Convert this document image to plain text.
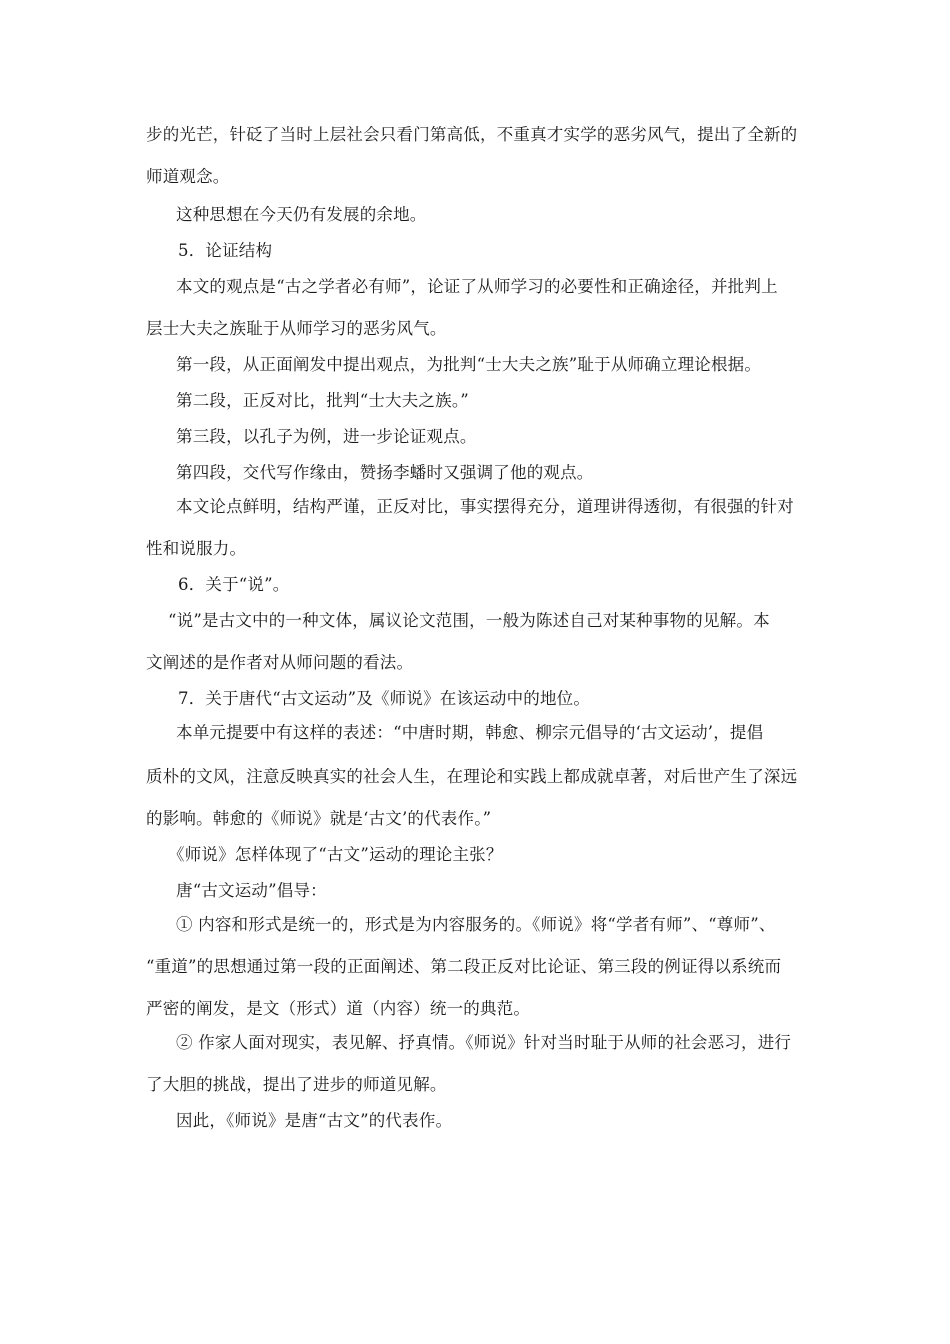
步的光芒，针砭了当时上层社会只看门第高低，不重真才实学的恶劣风气，提出了全新的
师道观念。
这种思想在今天仍有发展的余地。
5．论证结构
本文的观点是“古之学者必有师”，论证了从师学习的必要性和正确途径，并批判上
层士大夫之族耻于从师学习的恶劣风气。
第一段，从正面阐发中提出观点，为批判“士大夫之族”耻于从师确立理论根据。
第二段，正反对比，批判“士大夫之族。”
第三段，以孔子为例，进一步论证观点。
第四段，交代写作缘由，赞扬李蟠时又强调了他的观点。
本文论点鲜明，结构严谨，正反对比，事实摆得充分，道理讲得透彻，有很强的针对
性和说服力。
6．关于“说”。
“说”是古文中的一种文体，属议论文范围，一般为陈述自己对某种事物的见解。本
文阐述的是作者对从师问题的看法。
7．关于唐代“古文运动”及《师说》在该运动中的地位。
本单元提要中有这样的表述：“中唐时期，韩愈、柳宗元倡导的‘古文运动’，提倡
质朴的文风，注意反映真实的社会人生，在理论和实践上都成就卓著，对后世产生了深远
的影响。韩愈的《师说》就是‘古文’的代表作。”
《师说》怎样体现了“古文”运动的理论主张？
唐“古文运动”倡导：
① 内容和形式是统一的，形式是为内容服务的。《师说》将“学者有师”、“尊师”、
“重道”的思想通过第一段的正面阐述、第二段正反对比论证、第三段的例证得以系统而
严密的阐发，是文（形式）道（内容）统一的典范。
② 作家人面对现实，表见解、抒真情。《师说》针对当时耻于从师的社会恶习，进行
了大胆的挑战，提出了进步的师道见解。
因此，《师说》是唐“古文”的代表作。
